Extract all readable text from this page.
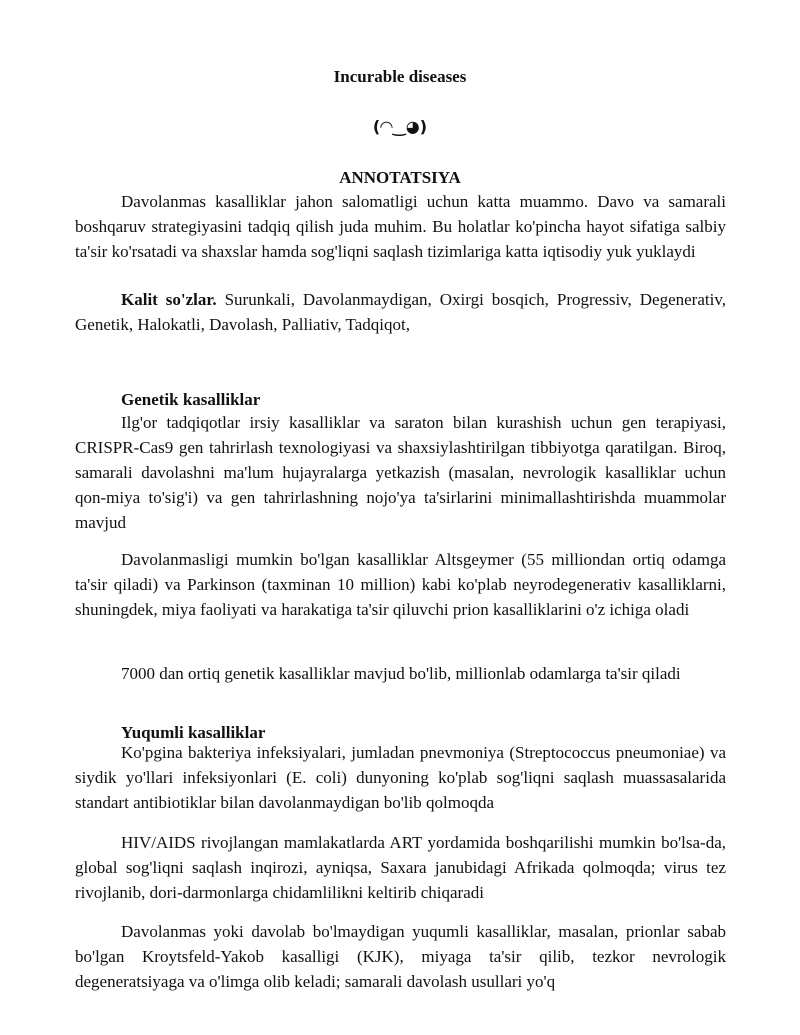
Incurable diseases
(◠‿◕)
ANNOTATSIYA

Davolanmas kasalliklar jahon salomatligi uchun katta muammo. Davo va samarali boshqaruv strategiyasini tadqiq qilish juda muhim. Bu holatlar ko'pincha hayot sifatiga salbiy ta'sir ko'rsatadi va shaxslar hamda sog'liqni saqlash tizimlariga katta iqtisodiy yuk yuklaydi

Kalit so'zlar. Surunkali, Davolanmaydigan, Oxirgi bosqich, Progressiv, Degenerativ, Genetik, Halokatli, Davolash, Palliativ, Tadqiqot,

Genetik kasalliklar

Ilg'or tadqiqotlar irsiy kasalliklar va saraton bilan kurashish uchun gen terapiyasi, CRISPR-Cas9 gen tahrirlash texnologiyasi va shaxsiylashtirilgan tibbiyotga qaratilgan. Biroq, samarali davolashni ma'lum hujayralarga yetkazish (masalan, nevrologik kasalliklar uchun qon-miya to'sig'i) va gen tahrirlashning nojo'ya ta'sirlarini minimallashtirishda muammolar mavjud

Davolanmasligi mumkin bo'lgan kasalliklar Altsgeymer (55 milliondan ortiq odamga ta'sir qiladi) va Parkinson (taxminan 10 million) kabi ko'plab neyrodegenerativ kasalliklarni, shuningdek, miya faoliyati va harakatiga ta'sir qiluvchi prion kasalliklarini o'z ichiga oladi

7000 dan ortiq genetik kasalliklar mavjud bo'lib, millionlab odamlarga ta'sir qiladi

Yuqumli kasalliklar

Ko'pgina bakteriya infeksiyalari, jumladan pnevmoniya (Streptococcus pneumoniae) va siydik yo'llari infeksiyonlari (E. coli) dunyoning ko'plab sog'liqni saqlash muassasalarida standart antibiotiklar bilan davolanmaydigan bo'lib qolmoqda

HIV/AIDS rivojlangan mamlakatlarda ART yordamida boshqarilishi mumkin bo'lsa-da, global sog'liqni saqlash inqirozi, ayniqsa, Saxara janubidagi Afrikada qolmoqda; virus tez rivojlanib, dori-darmonlarga chidamlilikni keltirib chiqaradi

Davolanmas yoki davolab bo'lmaydigan yuqumli kasalliklar, masalan, prionlar sabab bo'lgan Kroytsfeld-Yakob kasalligi (KJK), miyaga ta'sir qilib, tezkor nevrologik degeneratsiyaga va o'limga olib keladi; samarali davolash usullari yo'q
